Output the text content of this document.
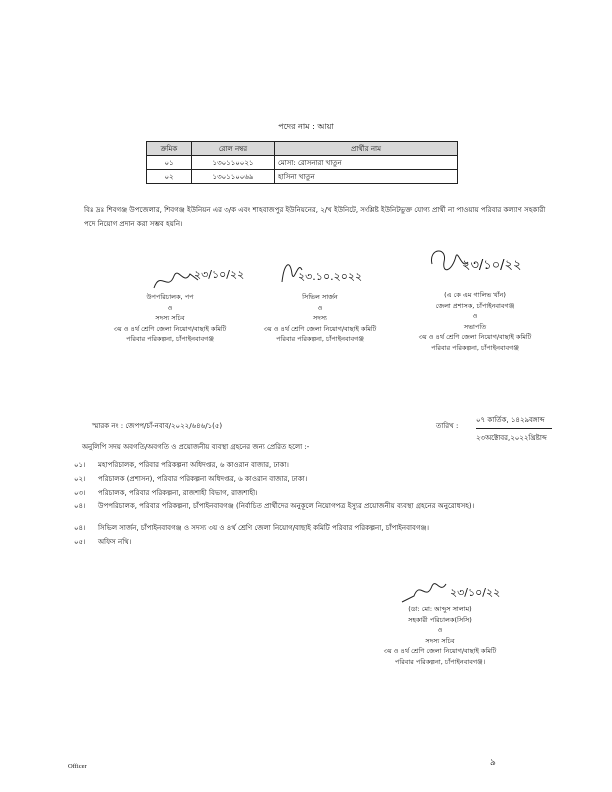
পদের নাম : আয়া
ক্রমিক	রোল নম্বর	প্রার্থীর নাম
০১	১৩০১১০০২১	মোসা: রোসনারা খাতুন
০২	১৩০১১০০৬৯	হাসিনা খাতুন
বিঃ দ্রঃ শিবগঞ্জ উপজেলার, শিবগঞ্জ ইউনিয়ন এর ৩/ক এবং শাহবাজপুর ইউনিয়নের, ২/খ ইউনিটে, সংশ্লিষ্ট ইউনিটভুক্ত যোগ্য প্রার্থী না পাওয়ায় পরিবার কল্যাণ সহকারী পদে নিয়োগ প্রদান করা সম্ভব হয়নি।
২৩/১০/২২
উপপরিচালক, পপ
ও
সদস্য সচিব
৩য় ও ৪র্থ শ্রেণি জেলা নিয়োগ/বাছাই কমিটি
পরিবার পরিকল্পনা, চাঁপাইনবাবগঞ্জ
২৩.১০.২০২২
সিভিল সার্জন
ও
সদস্য
৩য় ও ৪র্থ শ্রেণি জেলা নিয়োগ/বাছাই কমিটি
পরিবার পরিকল্পনা, চাঁপাইনবাবগঞ্জ
২৩/১০/২২
(এ কে এম গালিভ খাঁন)
জেলা প্রশাসক, চাঁপাইনবাবগঞ্জ
ও
সভাপতি
৩য় ও ৪র্থ শ্রেণি জেলা নিয়োগ/বাছাই কমিটি
পরিবার পরিকল্পনা, চাঁপাইনবাবগঞ্জ
স্মারক নং : জেপপ/চাঁ-নবাব/২০২২/৬৪৬/১(৫)	তারিখ :
০৭ কার্তিক, ১৪২৯বঙ্গাব্দ
২৩অক্টোবর,২০২২খ্রিষ্টাব্দ
অনুলিপি সদয় অবগতি/অবগতি ও প্রয়োজনীয় ব্যবস্থা গ্রহনের জন্য প্রেরিত হলো :-
০১।	মহাপরিচালক, পরিবার পরিকল্পনা অধিদপ্তর, ৬ কাওরান বাজার, ঢাকা।
০২।	পরিচালক (প্রশাসন), পরিবার পরিকল্পনা অধিদপ্তর, ৬ কাওরান বাজার, ঢাকা।
০৩।	পরিচালক, পরিবার পরিকল্পনা, রাজশাহী বিভাগ, রাজশাহী।
০৪।	উপপরিচালক, পরিবার পরিকল্পনা, চাঁপাইনবাবগঞ্জ (নির্বাচিত প্রার্থীদের অনুকূলে নিয়োগপত্র ইস্যুর প্রয়োজনীয় ব্যবস্থা গ্রহনের অনুরোধসহ)।
০৪।	সিভিল সার্জন, চাঁপাইনবাবগঞ্জ ও সদস্য ৩য় ও ৪র্থ শ্রেণি জেলা নিয়োগ/বাছাই কমিটি পরিবার পরিকল্পনা, চাঁপাইনবাবগঞ্জ।
০৫।	অফিস নথি।
২৩/১০/২২
(ডা: মো: আব্দুস সালাম)
সহকারী পরিচালক(সিসি)
ও
সদস্য সচিব
৩য় ও ৪র্থ শ্রেণি জেলা নিয়োগ/বাছাই কমিটি
পরিবার পরিকল্পনা, চাঁপাইনবাবগঞ্জ।
৯
Officer
